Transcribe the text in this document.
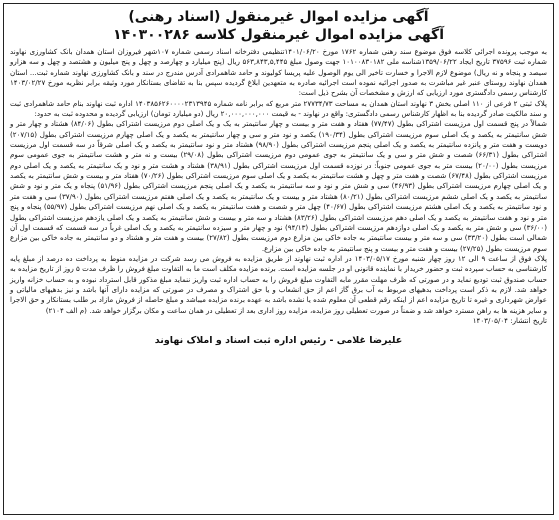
آگهی مزایده اموال غیرمنقول (اسناد رهنی)
آگهی مزایده اموال غیرمنقول کلاسه ۱۴۰۳۰۰۲۸۶

به موجب پرونده اجرائی کلاسه فوق موضوع سند رهنی شماره ۱۷۶۲ مورخ ۱۴۰۱/۰۶/۲۰تنظیمی دفترخانه اسناد رسمی شماره ۱۰۷شهر فیروزان استان همدان بانک کشاورزی نهاوند شماره ثبت ۳۷۵۹۶ تاریخ ایجاد ۱۳۵۹/۰۶/۲۲شناسه ملی ۱۰۱۰۰۸۳۰۱۸۲ جهت وصول مبلغ ۵۶۳,۸۴۳,۵,۴۴۵ ریال (پنج میلیارد و چهارصد و چهل و پنج میلیون و هشتصد و چهل و سه هزارو سیصد و پنجاه و نه ریال) موضوع لازم الاجرا و خسارت تاخیر الی یوم الوصول علیه پریسا کولیوند و حامد شاهمرادی آدرس مندرج در سند و بانک کشاورزی نهاوند شماره ثبت... استان همدان نهاوند روستای عنبر غیر مباشرت به صدور اجرائیه نموده است اجرائیه صادره به متعهدین ابلاغ گردیده سپس بنا به تقاضای بستانکار مورد وثیقه برابر نظریه مورخ ۱۴۰۳/۰۲/۲۷ کارشناس رسمی دادگستری مورد ارزیابی که ارزش و مشخصات آن بشرح ذیل است:

پلاک ثبتی ۲ فرعی از ۱۱۰ اصلی بخش ۳ نهاوند استان همدان به مساحت ۲۷۷۳۴/۷۳ متر مربع که برابر نامه شماره ۱۴۰۳۸۵۶۲۶۰۰۰۰۲۳۱۳۹۴۵ اداره ثبت نهاوند بنام حامد شاهمرادی ثبت و سند مالکیت صادر گردیده بنا به اظهار کارشناس رسمی دادگستری: واقع در نهاوند - به قیمت ۲۰,۰۰۰,۰۰۰,۰۰۰ ریال (دو میلیارد تومان) ارزیابی گردیده و محدوده ثبت به حدود:

شمالاً در پنج قسمت اول مرزیست اشتراکی بطول (۷۷/۴۷) هفتاد و هفت متر و بیست و چهار سانتیمتر به یک و یک اصلی دوم مرزیست اشتراکی بطول (۸۴/۰۶) هشتاد و چهار متر و شش سانتیمتر به یکصد و یک اصلی سوم مرزیست اشتراکی بطول (۱۹۰/۳۴) یکصد و نود متر و سی و چهار سانتیمتر به یکصد و یک اصلی چهارم مرزیست اشتراکی بطول (۲۰۷/۱۵) دویست و هفت متر و پانزده سانتیمتر به یکصد و یک اصلی پنجم مرزیست اشتراکی بطول (۹۸/۹۰) هشتاد متر و نود سانتیمتر به یکصد و یک اصلی شرقاً در سه قسمت اول مرزیست اشتراکی بطول (۶۶/۳۱) شصت و شش متر و سی و یک سانتیمتر به جوی عمومی دوم مرزیست اشتراکی بطول (۲۹/۰۸) بیست و نه متر و هشت سانتیمتر به جوی عمومی سوم مرزیست بطول (۲۰/۰۰) بیست متر به جوی عمومی جنوباً: در نوزده قسمت اول مرزیست اشتراکی بطول (۳۸/۹۱) هشتاد و هشت متر و نود و یک سانتیمتر به یکصد و یک اصلی دوم مرزیست اشتراکی بطول (۶۷/۴۸) شصت و هفت متر و چهل و هشت سانتیمتر به یکصد و یک اصلی سوم مرزیست اشتراکی بطول (۷۰/۲۶) هفتاد متر و بیست و شش سانتیمتر به یکصد و یک اصلی چهارم مرزیست اشتراکی بطول (۴۶/۹۳) سی و شش متر و نود و سه سانتیمتر به یکصد و یک اصلی پنجم مرزیست اشتراکی بطول (۵۱/۹۶) پنجاه و یک متر و نود و شش سانتیمتر به یکصد و یک اصلی ششم مرزیست اشتراکی بطول (۸۰/۲۱) هشتاد متر و بیست و یک سانتیمتر به یکصد و یک اصلی هفتم مرزیست اشتراکی بطول (۳۷/۹۰) سی و هفت متر و نود سانتیمتر به یکصد و یک اصلی هشتم مرزیست اشتراکی بطول (۴۰/۶۷) چهل متر و شصت و هفت سانتیمتر به یکصد و یک اصلی نهم مرزیست اشتراکی بطول (۵۵/۹۷) پنجاه و پنج متر و نود و هفت سانتیمتر به یکصد و یک اصلی دهم مرزیست اشتراکی بطول (۸۳/۲۶) هشتاد و سه متر و بیست و شش سانتیمتر به یکصد و یک اصلی یازدهم مرزیست اشتراکی بطول (۳۶/۰۰) سی و شش متر به یکصد و یک اصلی دوازدهم مرزیست اشتراکی بطول (۹۴/۱۳) نود و چهار متر و سیزده سانتیمتر به یکصد و یک اصلی غرباً در سه قسمت که قسمت اول آن شمالی است بطول (۳۳/۲۰) سی و سه متر و بیست سانتیمتر به جاده خاکی بین مزارع دوم مرزیست بطول (۲۷/۸۲) بیست و هفت متر و هشتاد و دو سانتیمتر به جاده خاکی بین مزارع سوم مرزیست بطول (۲۷/۲۵) بیست و هفت متر و بیست و پنج سانتیمتر به جاده خاکی بین مزارع.

پلاک فوق از ساعت ۹ الی ۱۲ روز چهار شنبه مورخ ۱۴۰۳/۰۵/۱۷ در اداره ثبت نهاوند از طریق مزایده به فروش می رسد شرکت در مزایده منوط به پرداخت ده درصد از مبلغ پایه کارشناسی به حساب سپرده ثبت و حضور خریدار با نماینده قانونی او در جلسه مزایده است. برنده مزایده مکلف است ما به التفاوت مبلغ فروش را ظرف مدت ۵ روز از تاریخ مزایده به حساب صندوق ثبت تودیع نماید و در صورتی که ظرف مهلت مقرر مابه التفاوت مبلغ فروش را به حساب اداره ثبت واریز ننماید مبلغ مذکور قابل استرداد نبوده و به حساب خزانه واریز خواهد شد. لازم به ذکر است پرداخت بدهیهای مربوط به آب برق گاز اعم از حق انشعاب و یا حق اشتراک و مصرف در صورتی که مزایده دارای آنها باشد و نیز بدهیهای مالیاتی و عوارض شهرداری و غیره تا تاریخ مزایده اعم از اینکه رقم قطعی آن معلوم شده یا نشده باشد به عهده برنده مزایده میباشد و مبلغ حاصله از فروش مازاد بر طلب بستانکار و حق الاجرا و سایر هزینه ها به راهن مسترد خواهد شد و ضمناً در صورت تعطیلی روز مزایده، مزایده روز اداری بعد از تعطیلی در همان ساعت و مکان برگزار خواهد شد. (م الف ۲۱۰۴)

تاریخ انتشار: ۱۴۰۳/۰۵/۰۴
علیرضا غلامی - رئیس اداره ثبت اسناد و املاک نهاوند
